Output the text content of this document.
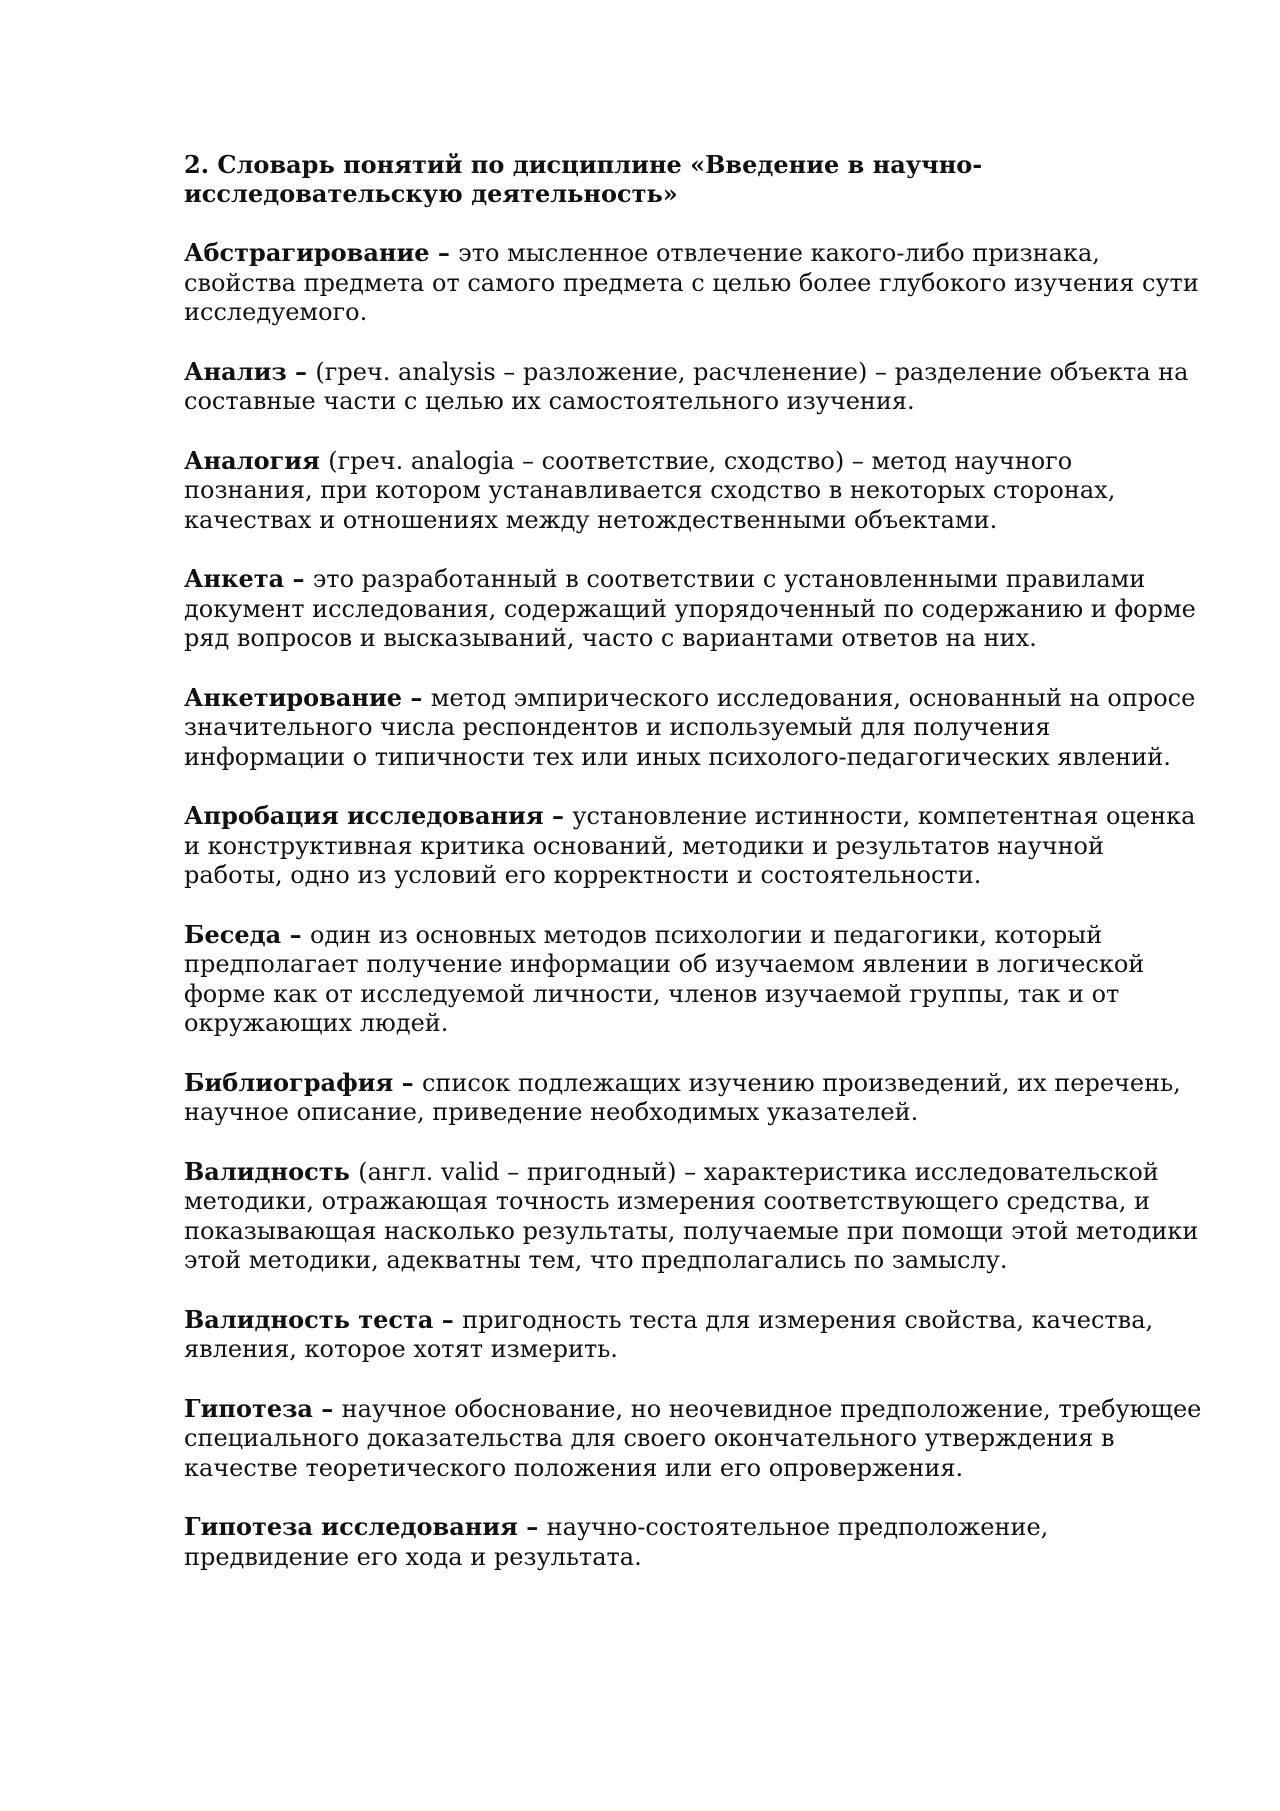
2. Словарь понятий по дисциплине «Введение в научно-
исследовательскую деятельность»

Абстрагирование – это мысленное отвлечение какого-либо признака, свойства предмета от самого предмета с целью более глубокого изучения сути исследуемого.

Анализ – (греч. analysis – разложение, расчленение) – разделение объекта на составные части с целью их самостоятельного изучения.

Аналогия (греч. analogia – соответствие, сходство) – метод научного познания, при котором устанавливается сходство в некоторых сторонах, качествах и отношениях между нетождественными объектами.

Анкета – это разработанный в соответствии с установленными правилами документ исследования, содержащий упорядоченный по содержанию и форме ряд вопросов и высказываний, часто с вариантами ответов на них.

Анкетирование – метод эмпирического исследования, основанный на опросе значительного числа респондентов и используемый для получения информации о типичности тех или иных психолого-педагогических явлений.

Апробация исследования – установление истинности, компетентная оценка и конструктивная критика оснований, методики и результатов научной работы, одно из условий его корректности и состоятельности.

Беседа – один из основных методов психологии и педагогики, который предполагает получение информации об изучаемом явлении в логической форме как от исследуемой личности, членов изучаемой группы, так и от окружающих людей.

Библиография – список подлежащих изучению произведений, их перечень, научное описание, приведение необходимых указателей.

Валидность (англ. valid – пригодный) – характеристика исследовательской методики, отражающая точность измерения соответствующего средства, и показывающая насколько результаты, получаемые при помощи этой методики этой методики, адекватны тем, что предполагались по замыслу.

Валидность теста – пригодность теста для измерения свойства, качества, явления, которое хотят измерить.

Гипотеза – научное обоснование, но неочевидное предположение, требующее специального доказательства для своего окончательного утверждения в качестве теоретического положения или его опровержения.

Гипотеза исследования – научно-состоятельное предположение, предвидение его хода и результата.
